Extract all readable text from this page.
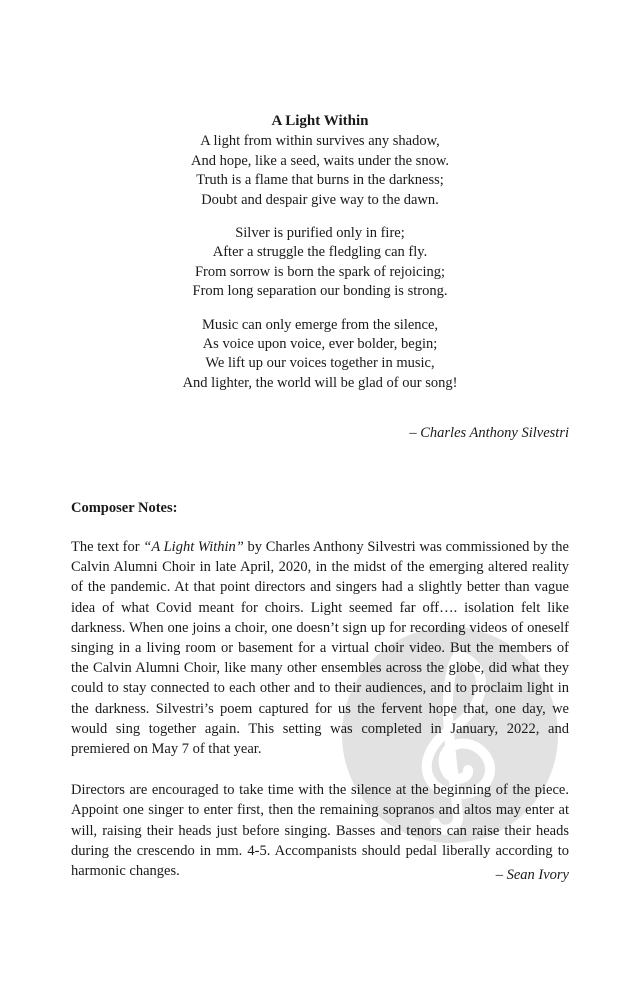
A Light Within
A light from within survives any shadow,
And hope, like a seed, waits under the snow.
Truth is a flame that burns in the darkness;
Doubt and despair give way to the dawn.
Silver is purified only in fire;
After a struggle the fledgling can fly.
From sorrow is born the spark of rejoicing;
From long separation our bonding is strong.
Music can only emerge from the silence,
As voice upon voice, ever bolder, begin;
We lift up our voices together in music,
And lighter, the world will be glad of our song!
– Charles Anthony Silvestri
Composer Notes:

The text for “A Light Within” by Charles Anthony Silvestri was commissioned by the Calvin Alumni Choir in late April, 2020, in the midst of the emerging altered reality of the pandemic. At that point directors and singers had a slightly better than vague idea of what Covid meant for choirs. Light seemed far off…. isolation felt like darkness. When one joins a choir, one doesn’t sign up for recording videos of oneself singing in a living room or basement for a virtual choir video. But the members of the Calvin Alumni Choir, like many other ensembles across the globe, did what they could to stay connected to each other and to their audiences, and to proclaim light in the darkness. Silvestri’s poem captured for us the fervent hope that, one day, we would sing together again. This setting was completed in January, 2022, and premiered on May 7 of that year.

Directors are encouraged to take time with the silence at the beginning of the piece. Appoint one singer to enter first, then the remaining sopranos and altos may enter at will, raising their heads just before singing. Basses and tenors can raise their heads during the crescendo in mm. 4-5. Accompanists should pedal liberally according to harmonic changes.	– Sean Ivory
